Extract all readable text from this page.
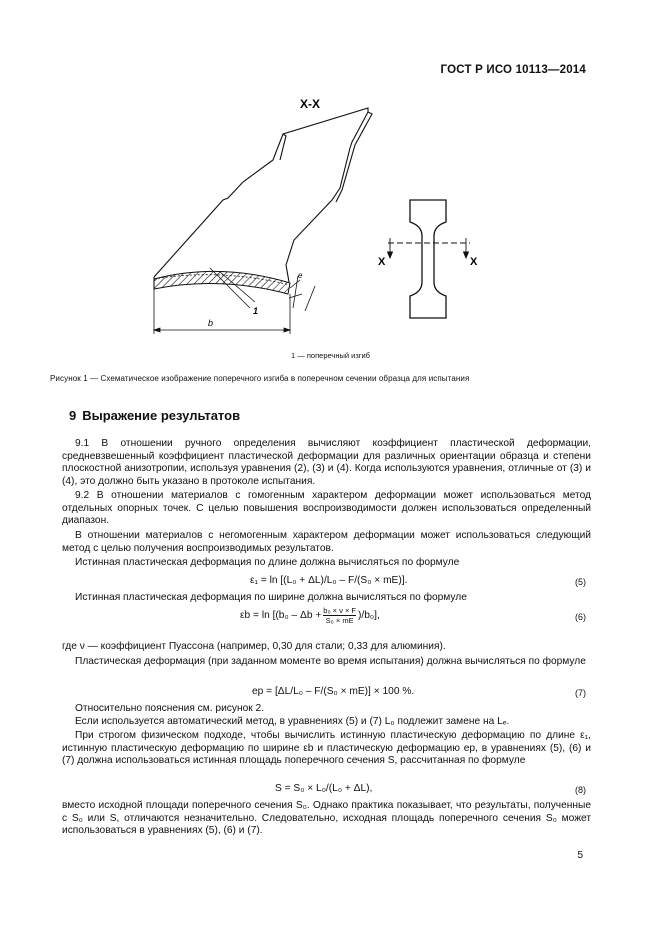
ГОСТ Р ИСО 10113—2014
b
1
e
Х-Х
Х	Х
1 — поперечный изгиб
Рисунок 1 — Схематическое изображение поперечного изгиба в поперечном сечении образца для испытания
9 Выражение результатов
9.1 В отношении ручного определения вычисляют коэффициент пластической деформации, средневзвешенный коэффициент пластической деформации для различных ориентации образца и степени плоскостной анизотропии, используя уравнения (2), (3) и (4). Когда используются уравнения, отличные от (3) и (4), это должно быть указано в протоколе испытания.
9.2 В отношении материалов с гомогенным характером деформации может использоваться метод отдельных опорных точек. С целью повышения воспроизводимости должен использоваться определенный диапазон.
В отношении материалов с негомогенным характером деформации может использоваться следующий метод с целью получения воспроизводимых результатов.
Истинная пластическая деформация по длине должна вычисляться по формуле
ε₁ = ln [(L₀ + ΔL)/L₀ – F/(S₀ × mE)].	(5)
Истинная пластическая деформация по ширине должна вычисляться по формуле
$\varepsilon b = \ln [(b_0 - \Delta b + \frac{\text{b₀ × ν × F}}{\text{S₀ × mE}} )/b_0]$,	(6)
где ν — коэффициент Пуассона (например, 0,30 для стали; 0,33 для алюминия).
Пластическая деформация (при заданном моменте во время испытания) должна вычисляться по формуле
ep = [ΔL/L₀ – F/(S₀ × mE)] × 100 %.	(7)
Относительно пояснения см. рисунок 2.
Если используется автоматический метод, в уравнениях (5) и (7) L₀ подлежит замене на Lₑ.
При строгом физическом подходе, чтобы вычислить истинную пластическую деформацию по длине ε₁, истинную пластическую деформацию по ширине εb и пластическую деформацию ep, в уравнениях (5), (6) и (7) должна использоваться истинная площадь поперечного сечения S, рассчитанная по формуле
S = S₀ × L₀/(L₀ + ΔL),	(8)
вместо исходной площади поперечного сечения S₀. Однако практика показывает, что результаты, полученные с S₀ или S, отличаются незначительно. Следовательно, исходная площадь поперечного сечения S₀ может использоваться в уравнениях (5), (6) и (7).
5
